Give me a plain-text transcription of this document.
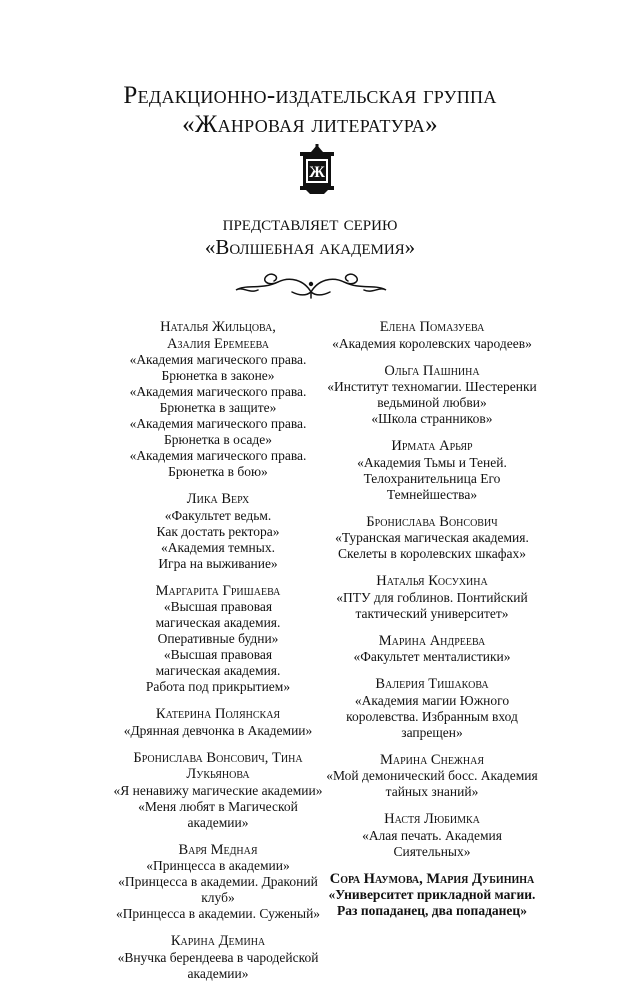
Редакционно-издательская группа
«Жанровая литература»
Ж
представляет серию
«Волшебная академия»
Наталья Жильцова,
Азалия Еремеева
«Академия магического права.
Брюнетка в законе»
«Академия магического права.
Брюнетка в защите»
«Академия магического права.
Брюнетка в осаде»
«Академия магического права.
Брюнетка в бою»
Лика Верх
«Факультет ведьм.
Как достать ректора»
«Академия темных.
Игра на выживание»
Маргарита Гришаева
«Высшая правовая
магическая академия.
Оперативные будни»
«Высшая правовая
магическая академия.
Работа под прикрытием»
Катерина Полянская
«Дрянная девчонка в Академии»
Бронислава Вонсович, Тина
Лукьянова
«Я ненавижу магические академии»
«Меня любят в Магической
академии»
Варя Медная
«Принцесса в академии»
«Принцесса в академии. Драконий
клуб»
«Принцесса в академии. Суженый»
Карина Демина
«Внучка берендеева в чародейской
академии»
Елена Помазуева
«Академия королевских чародеев»
Ольга Пашнина
«Институт техномагии. Шестеренки
ведьминой любви»
«Школа странников»
Ирмата Арьяр
«Академия Тьмы и Теней.
Телохранительница Его
Темнейшества»
Бронислава Вонсович
«Туранская магическая академия.
Скелеты в королевских шкафах»
Наталья Косухина
«ПТУ для гоблинов. Понтийский
тактический университет»
Марина Андреева
«Факультет менталистики»
Валерия Тишакова
«Академия магии Южного
королевства. Избранным вход
запрещен»
Марина Снежная
«Мой демонический босс. Академия
тайных знаний»
Настя Любимка
«Алая печать. Академия
Сиятельных»
Сора Наумова, Мария Дубинина
«Университет прикладной магии.
Раз попаданец, два попаданец»
